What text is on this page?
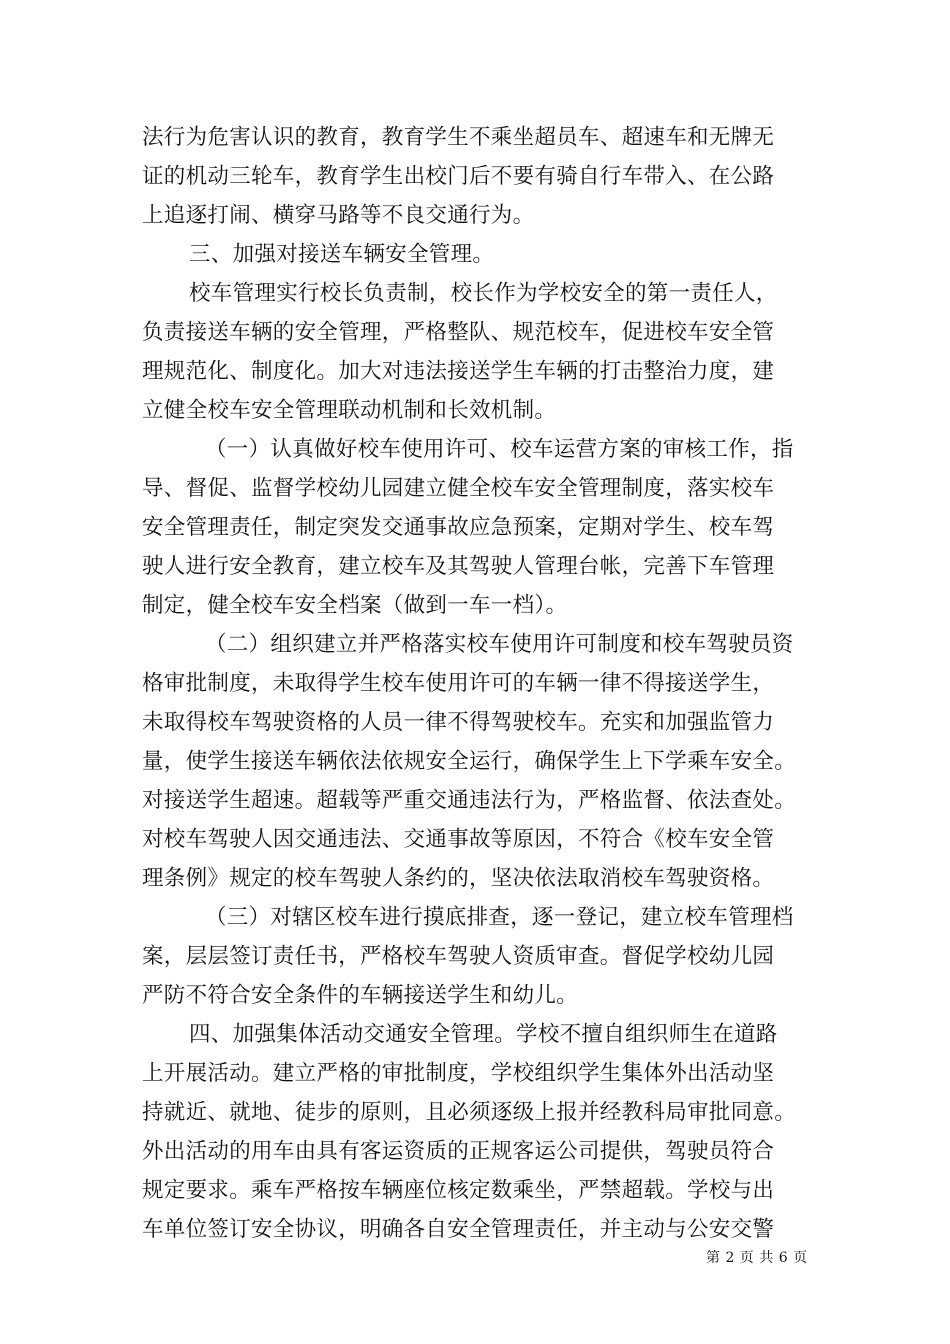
法行为危害认识的教育，教育学生不乘坐超员车、超速车和无牌无
证的机动三轮车，教育学生出校门后不要有骑自行车带入、在公路
上追逐打闹、横穿马路等不良交通行为。
三、加强对接送车辆安全管理。
校车管理实行校长负责制，校长作为学校安全的第一责任人，
负责接送车辆的安全管理，严格整队、规范校车，促进校车安全管
理规范化、制度化。加大对违法接送学生车辆的打击整治力度，建
立健全校车安全管理联动机制和长效机制。
（一）认真做好校车使用许可、校车运营方案的审核工作，指
导、督促、监督学校幼儿园建立健全校车安全管理制度，落实校车
安全管理责任，制定突发交通事故应急预案，定期对学生、校车驾
驶人进行安全教育，建立校车及其驾驶人管理台帐，完善下车管理
制定，健全校车安全档案（做到一车一档）。
（二）组织建立并严格落实校车使用许可制度和校车驾驶员资
格审批制度，未取得学生校车使用许可的车辆一律不得接送学生，
未取得校车驾驶资格的人员一律不得驾驶校车。充实和加强监管力
量，使学生接送车辆依法依规安全运行，确保学生上下学乘车安全。
对接送学生超速。超载等严重交通违法行为，严格监督、依法查处。
对校车驾驶人因交通违法、交通事故等原因，不符合《校车安全管
理条例》规定的校车驾驶人条约的，坚决依法取消校车驾驶资格。
（三）对辖区校车进行摸底排查，逐一登记，建立校车管理档
案，层层签订责任书，严格校车驾驶人资质审查。督促学校幼儿园
严防不符合安全条件的车辆接送学生和幼儿。
四、加强集体活动交通安全管理。学校不擅自组织师生在道路
上开展活动。建立严格的审批制度，学校组织学生集体外出活动坚
持就近、就地、徒步的原则，且必须逐级上报并经教科局审批同意。
外出活动的用车由具有客运资质的正规客运公司提供，驾驶员符合
规定要求。乘车严格按车辆座位核定数乘坐，严禁超载。学校与出
车单位签订安全协议，明确各自安全管理责任，并主动与公安交警
第 2 页 共 6 页
